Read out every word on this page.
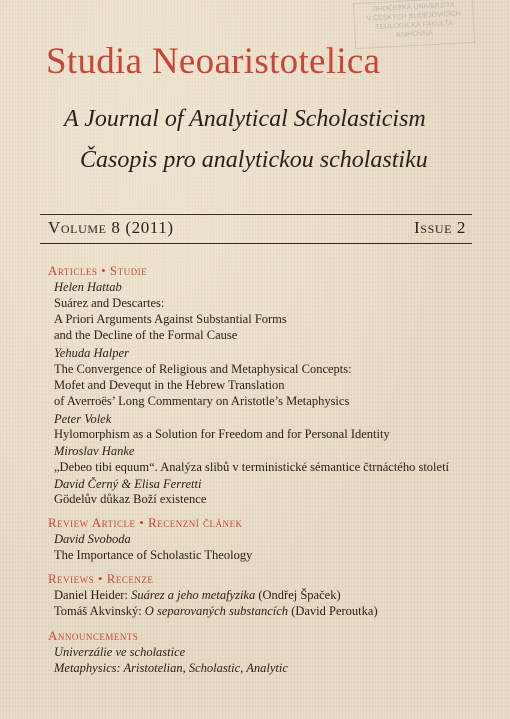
JIHOČESKÁ UNIVERZITA
V ČESKÝCH BUDĚJOVICÍCH
TEOLOGICKÁ FAKULTA
KNIHOVNA
Studia Neoaristotelica
A Journal of Analytical Scholasticism
Časopis pro analytickou scholastiku
Volume 8 (2011)	Issue 2
Articles • Studie
Helen Hattab
Suárez and Descartes:
A Priori Arguments Against Substantial Forms
and the Decline of the Formal Cause
Yehuda Halper
The Convergence of Religious and Metaphysical Concepts:
Mofet and Devequt in the Hebrew Translation
of Averroës’ Long Commentary on Aristotle’s Metaphysics
Peter Volek
Hylomorphism as a Solution for Freedom and for Personal Identity
Miroslav Hanke
„Debeo tibi equum“. Analýza slibů v terministické sémantice čtrnáctého století
David Černý & Elisa Ferretti
Gödelův důkaz Boží existence
Review Article • Recenzní článek
David Svoboda
The Importance of Scholastic Theology
Reviews • Recenze
Daniel Heider: Suárez a jeho metafyzika (Ondřej Špaček)
Tomáš Akvinský: O separovaných substancích (David Peroutka)
Announcements
Univerzálie ve scholastice
Metaphysics: Aristotelian, Scholastic, Analytic
